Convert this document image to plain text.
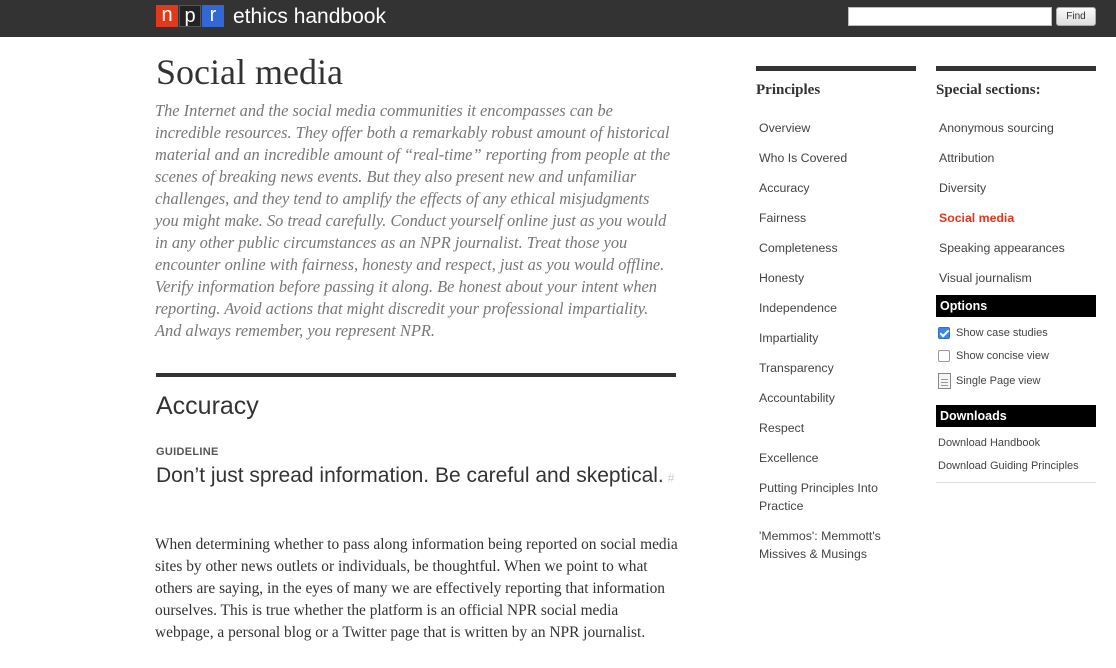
n p r ethics handbook	Find
Social media

The Internet and the social media communities it encompasses can be incredible resources. They offer both a remarkably robust amount of historical material and an incredible amount of “real-time” reporting from people at the scenes of breaking news events. But they also present new and unfamiliar challenges, and they tend to amplify the effects of any ethical misjudgments you might make. So tread carefully. Conduct yourself online just as you would in any other public circumstances as an NPR journalist. Treat those you encounter online with fairness, honesty and respect, just as you would offline. Verify information before passing it along. Be honest about your intent when reporting. Avoid actions that might discredit your professional impartiality. And always remember, you represent NPR.

Accuracy
GUIDELINE
Don’t just spread information. Be careful and skeptical. #

When determining whether to pass along information being reported on social media sites by other news outlets or individuals, be thoughtful. When we point to what others are saying, in the eyes of many we are effectively reporting that information ourselves. This is true whether the platform is an official NPR social media webpage, a personal blog or a Twitter page that is written by an NPR journalist.

Principles
Overview
Who Is Covered
Accuracy
Fairness
Completeness
Honesty
Independence
Impartiality
Transparency
Accountability
Respect
Excellence
Putting Principles Into Practice
'Memmos': Memmott's Missives & Musings
Special sections:
Anonymous sourcing
Attribution
Diversity
Social media
Speaking appearances
Visual journalism
Options
Show case studies
Show concise view
Single Page view
Downloads
Download Handbook
Download Guiding Principles
